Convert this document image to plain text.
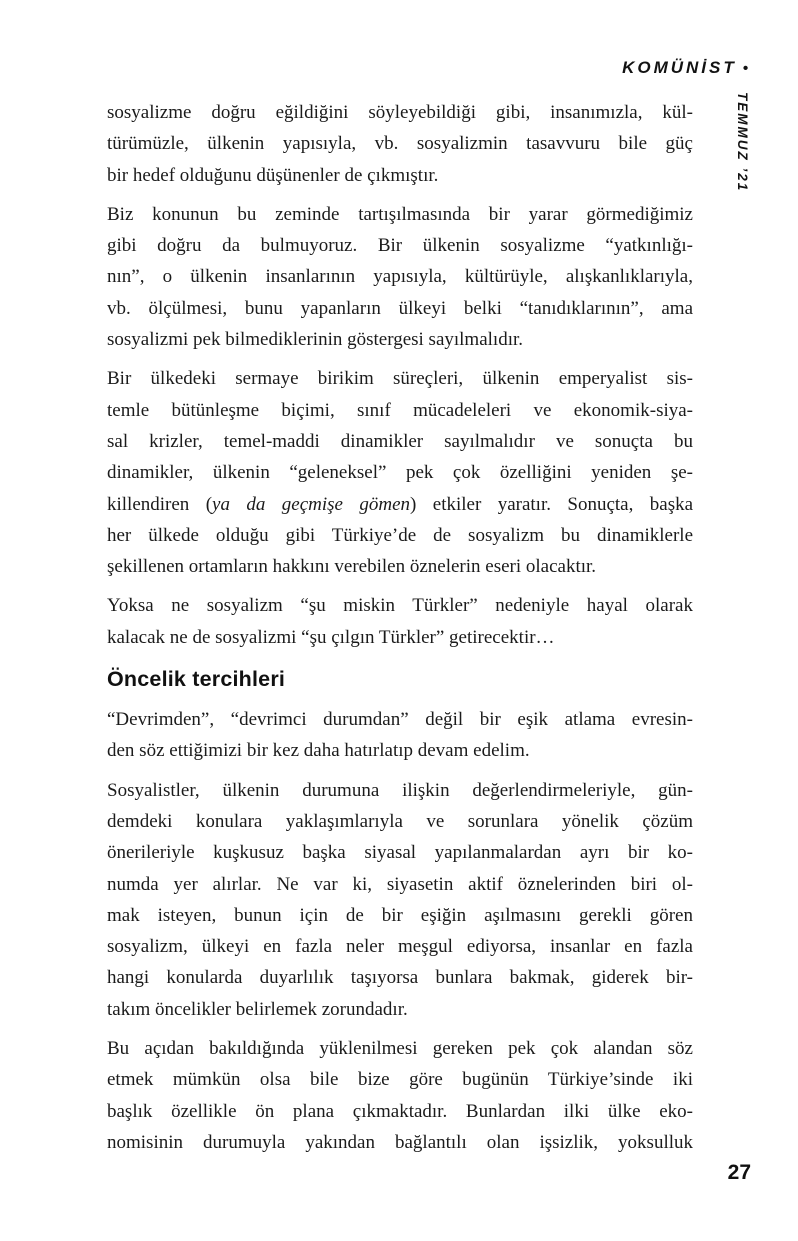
KOMÜNİST •
TEMMUZ ’21

sosyalizme doğru eğildiğini söyleyebildiği gibi, insanımızla, kül-
türümüzle, ülkenin yapısıyla, vb. sosyalizmin tasavvuru bile güç
bir hedef olduğunu düşünenler de çıkmıştır.

Biz konunun bu zeminde tartışılmasında bir yarar görmediğimiz
gibi doğru da bulmuyoruz. Bir ülkenin sosyalizme “yatkınlığı-
nın”, o ülkenin insanlarının yapısıyla, kültürüyle, alışkanlıklarıyla,
vb. ölçülmesi, bunu yapanların ülkeyi belki “tanıdıklarının”, ama
sosyalizmi pek bilmediklerinin göstergesi sayılmalıdır.

Bir ülkedeki sermaye birikim süreçleri, ülkenin emperyalist sis-
temle bütünleşme biçimi, sınıf mücadeleleri ve ekonomik-siya-
sal krizler, temel-maddi dinamikler sayılmalıdır ve sonuçta bu
dinamikler, ülkenin “geleneksel” pek çok özelliğini yeniden şe-
killendiren (ya da geçmişe gömen) etkiler yaratır. Sonuçta, başka
her ülkede olduğu gibi Türkiye’de de sosyalizm bu dinamiklerle
şekillenen ortamların hakkını verebilen öznelerin eseri olacaktır.

Yoksa ne sosyalizm “şu miskin Türkler” nedeniyle hayal olarak
kalacak ne de sosyalizmi “şu çılgın Türkler” getirecektir…

Öncelik tercihleri

“Devrimden”, “devrimci durumdan” değil bir eşik atlama evresin-
den söz ettiğimizi bir kez daha hatırlatıp devam edelim.

Sosyalistler, ülkenin durumuna ilişkin değerlendirmeleriyle, gün-
demdeki konulara yaklaşımlarıyla ve sorunlara yönelik çözüm
önerileriyle kuşkusuz başka siyasal yapılanmalardan ayrı bir ko-
numda yer alırlar. Ne var ki, siyasetin aktif öznelerinden biri ol-
mak isteyen, bunun için de bir eşiğin aşılmasını gerekli gören
sosyalizm, ülkeyi en fazla neler meşgul ediyorsa, insanlar en fazla
hangi konularda duyarlılık taşıyorsa bunlara bakmak, giderek bir-
takım öncelikler belirlemek zorundadır.

Bu açıdan bakıldığında yüklenilmesi gereken pek çok alandan söz
etmek mümkün olsa bile bize göre bugünün Türkiye’sinde iki
başlık özellikle ön plana çıkmaktadır. Bunlardan ilki ülke eko-
nomisinin durumuyla yakından bağlantılı olan işsizlik, yoksulluk

27
